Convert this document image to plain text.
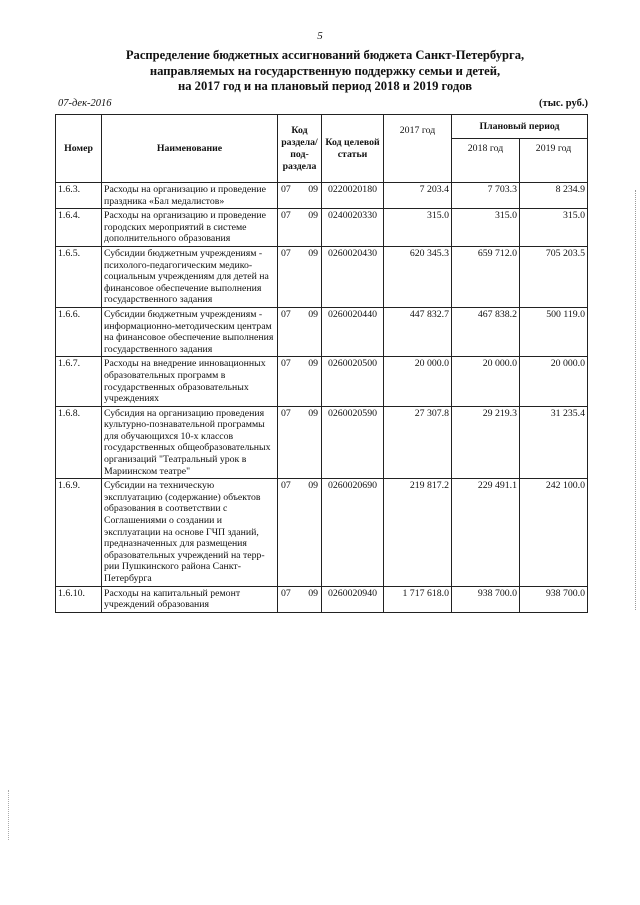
5
Распределение бюджетных ассигнований бюджета Санкт-Петербурга,
направляемых на государственную поддержку семьи и детей,
на 2017 год и на плановый период 2018 и 2019 годов
07-дек-2016	(тыс. руб.)
Номер	Наименование	Код раздела/ под-раздела	Код целевой статьи	2017 год	Плановый период	
					2018 год	2019 год
1.6.3.	Расходы на организацию и проведение праздника «Бал медалистов»	07 09	0220020180	7 203.4	7 703.3	8 234.9
1.6.4.	Расходы на организацию и проведение городских мероприятий в системе дополнительного образования	07 09	0240020330	315.0	315.0	315.0
1.6.5.	Субсидии бюджетным учреждениям - психолого-педагогическим медико-социальным учреждениям для детей на финансовое обеспечение выполнения государственного задания	07 09	0260020430	620 345.3	659 712.0	705 203.5
1.6.6.	Субсидии бюджетным учреждениям - информационно-методическим центрам на финансовое обеспечение выполнения государственного задания	07 09	0260020440	447 832.7	467 838.2	500 119.0
1.6.7.	Расходы на внедрение инновационных образовательных программ в государственных образовательных учреждениях	07 09	0260020500	20 000.0	20 000.0	20 000.0
1.6.8.	Субсидия на организацию проведения культурно-познавательной программы для обучающихся 10-х классов государственных общеобразовательных организаций "Театральный урок в Мариинском театре"	07 09	0260020590	27 307.8	29 219.3	31 235.4
1.6.9.	Субсидии на техническую эксплуатацию (содержание) объектов образования в соответствии с Соглашениями о создании и эксплуатации на основе ГЧП зданий, предназначенных для размещения образовательных учреждений на терр-рии Пушкинского района Санкт-Петербурга	07 09	0260020690	219 817.2	229 491.1	242 100.0
1.6.10.	Расходы на капитальный ремонт учреждений образования	07 09	0260020940	1 717 618.0	938 700.0	938 700.0
